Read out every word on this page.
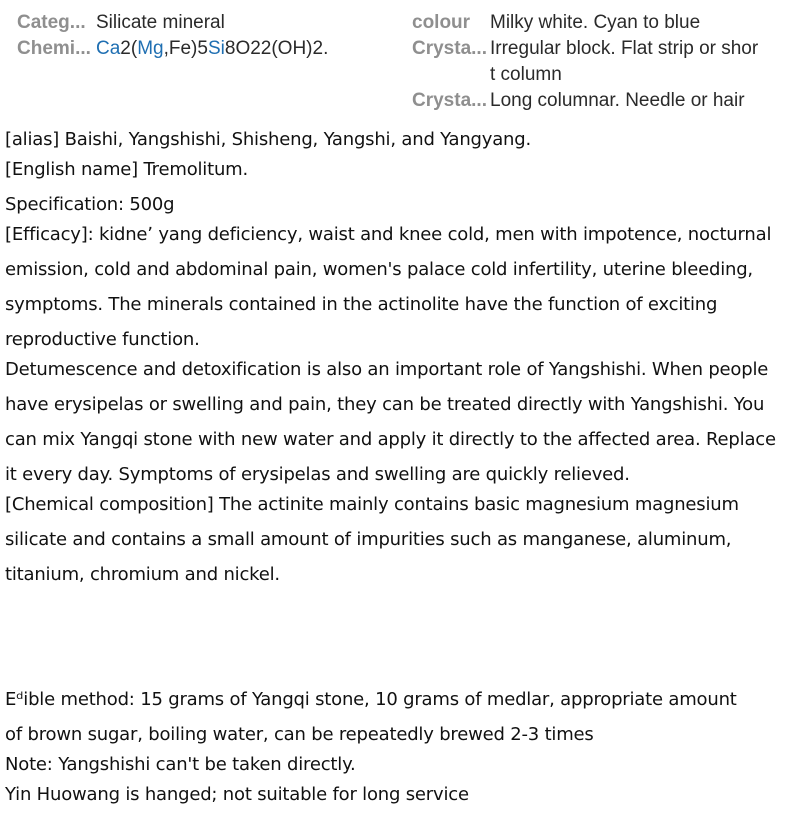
Categ... Silicate mineral
Chemi... Ca2(Mg,Fe)5Si8O22(OH)2.
colour Milky white. Cyan to blue
Crysta... Irregular block. Flat strip or shor
t column
Crysta... Long columnar. Needle or hair
[alias] Baishi, Yangshishi, Shisheng, Yangshi, and Yangyang.
[English name] Tremolitum.
Specification: 500g
[Efficacy]: kidneʼ yang deficiency, waist and knee cold, men with impotence, nocturnal
emission, cold and abdominal pain, women's palace cold infertility, uterine bleeding,
symptoms. The minerals contained in the actinolite have the function of exciting
reproductive function.
Detumescence and detoxification is also an important role of Yangshishi. When people
have erysipelas or swelling and pain, they can be treated directly with Yangshishi. You
can mix Yangqi stone with new water and apply it directly to the affected area. Replace
it every day. Symptoms of erysipelas and swelling are quickly relieved.
[Chemical composition] The actinite mainly contains basic magnesium magnesium
silicate and contains a small amount of impurities such as manganese, aluminum,
titanium, chromium and nickel.
Eᵈible method: 15 grams of Yangqi stone, 10 grams of medlar, appropriate amount
of brown sugar, boiling water, can be repeatedly brewed 2-3 times
Note: Yangshishi can't be taken directly.
Yin Huowang is hanged; not suitable for long service
